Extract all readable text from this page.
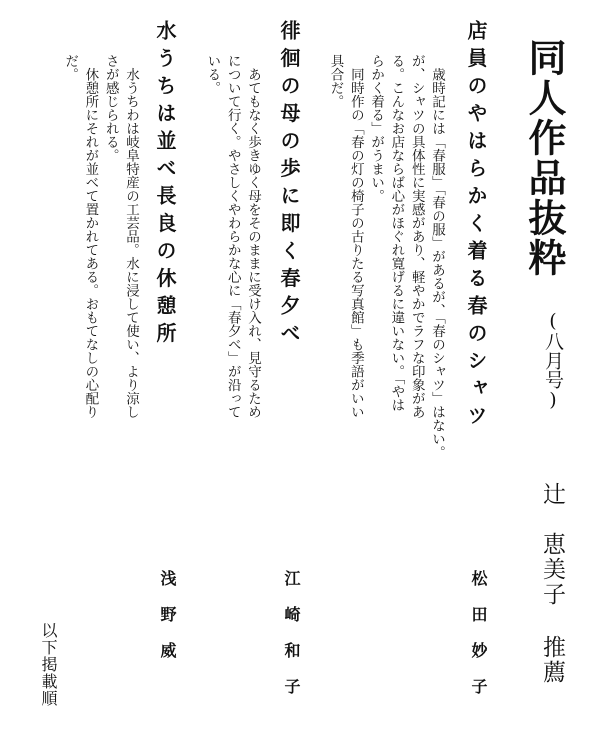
同人作品抜粋
(八月号)
辻　恵美子 推薦
店員のやはらかく着る春のシャツ
松田妙子
　歳時記には「春服」「春の服」があるが、「春のシャツ」はない。
が、シャツの具体性に実感があり、軽やかでラフな印象があ
る。こんなお店ならば心がほぐれ寛げるに違いない。「やは
らかく着る」がうまい。
　同時作の「春の灯の椅子の古りたる写真館」も季語がいい
具合だ。
徘徊の母の歩に即く春夕べ
江崎和子
　あてもなく歩きゆく母をそのままに受け入れ、見守るため
について行く。やさしくやわらかな心に「春夕べ」が沿って
いる。
水うちは並べ長良の休憩所
浅野威
　水うちわは岐阜特産の工芸品。水に浸して使い、より涼し
さが感じられる。
　休憩所にそれが並べて置かれてある。おもてなしの心配り
だ。
以下掲載順
